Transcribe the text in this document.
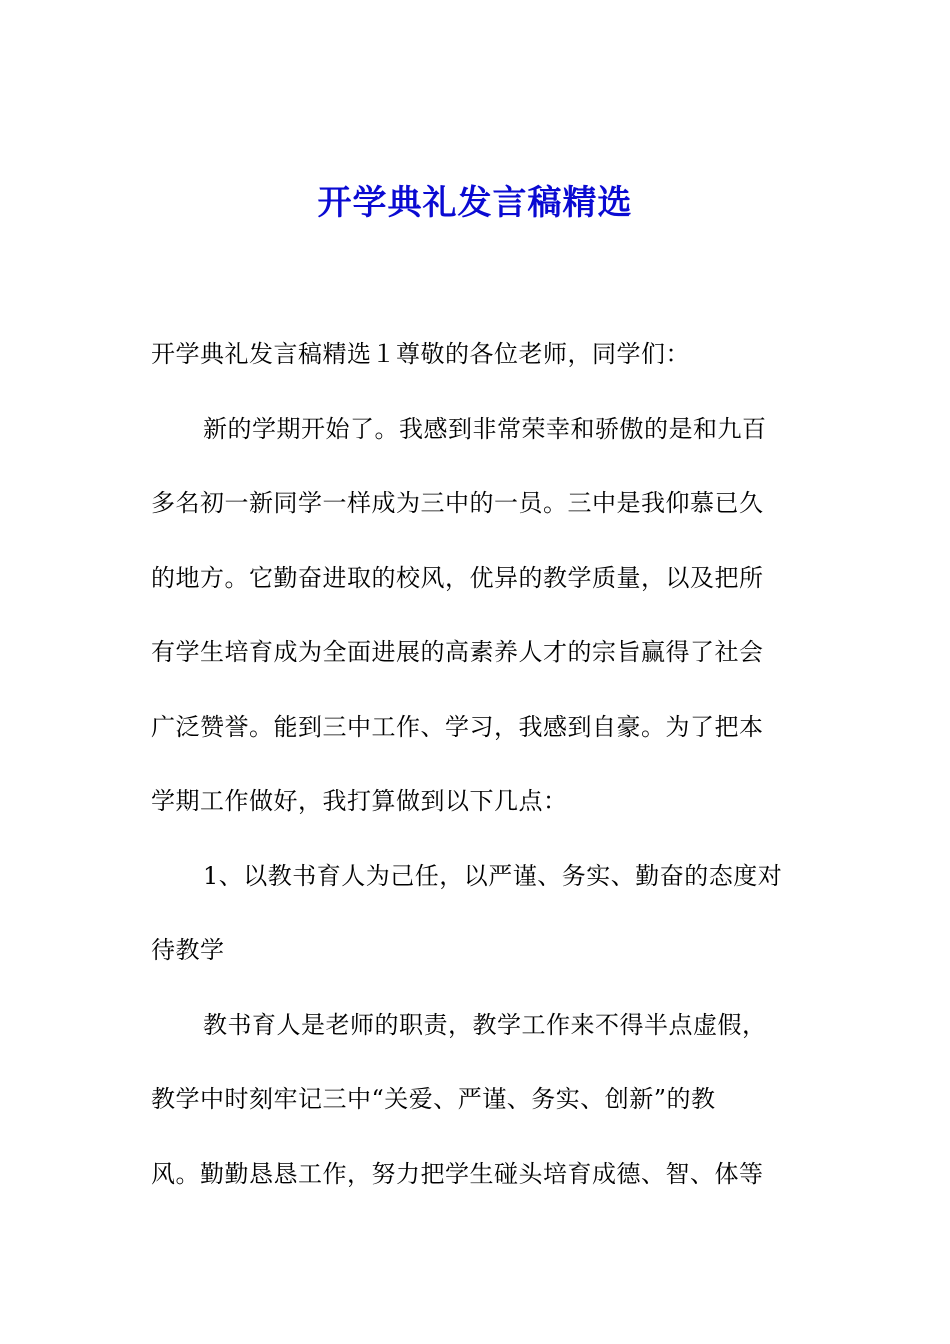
开学典礼发言稿精选
开学典礼发言稿精选１尊敬的各位老师，同学们：
新的学期开始了。我感到非常荣幸和骄傲的是和九百
多名初一新同学一样成为三中的一员。三中是我仰慕已久
的地方。它勤奋进取的校风，优异的教学质量，以及把所
有学生培育成为全面进展的高素养人才的宗旨赢得了社会
广泛赞誉。能到三中工作、学习，我感到自豪。为了把本
学期工作做好，我打算做到以下几点：
1、以教书育人为己任，以严谨、务实、勤奋的态度对
待教学
教书育人是老师的职责，教学工作来不得半点虚假，
教学中时刻牢记三中“关爱、严谨、务实、创新”的教
风。勤勤恳恳工作，努力把学生碰头培育成德、智、体等
